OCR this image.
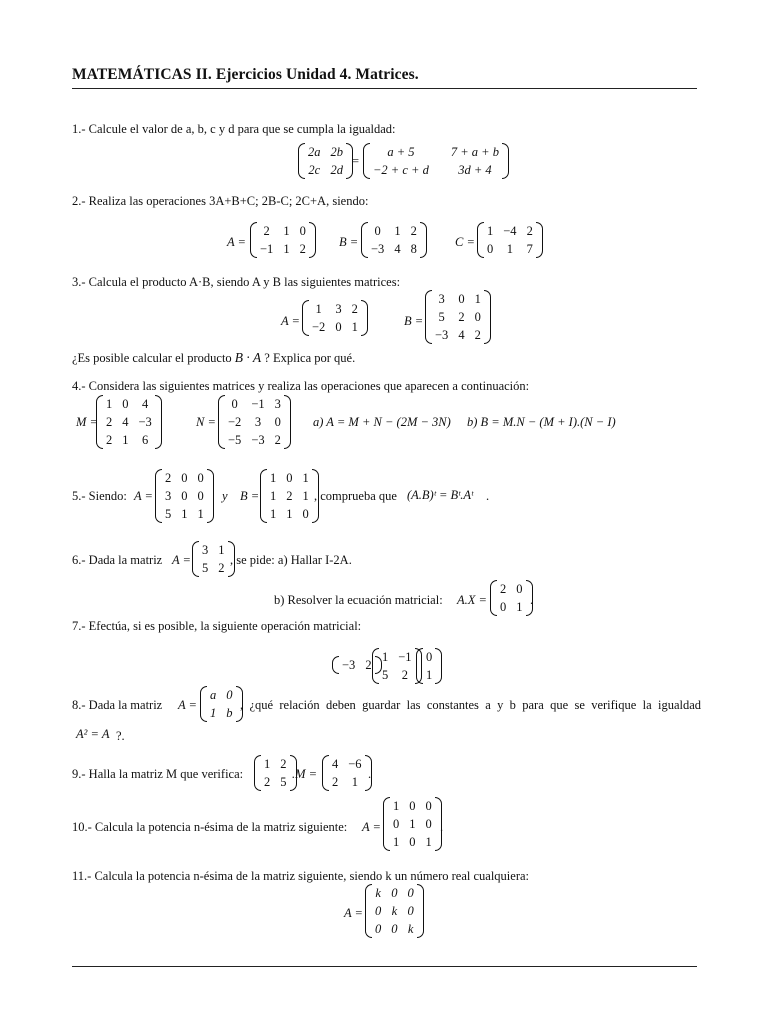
MATEMÁTICAS II. Ejercicios Unidad 4. Matrices.
1.- Calcule el valor de a, b, c y d para que se cumpla la igualdad:
2a 2b
2c 2d
=
a + 5	7 + a + b
−2 + c + d	3d + 4
2.- Realiza las operaciones 3A+B+C; 2B-C; 2C+A, siendo:
A =
2 1 0
−1 1 2	B =
0 1 2
−3 4 8	C =
1 −4 2
0 1 7
3.- Calcula el producto A·B, siendo A y B las siguientes matrices:
A =
1 3 2
−2 0 1	B =
3 0 1
5 2 0
−3 4 2
¿Es posible calcular el producto B · A ? Explica por qué.
4.- Considera las siguientes matrices y realiza las operaciones que aparecen a continuación:
M =
1 0 4
2 4 −3
2 1 6
N =
0 −1 3
−2 3 0
−5 −3 2
a) A = M + N − (2M − 3N) b) B = M.N − (M + I).(N − I)
5.- Siendo: A =
2 0 0
3 0 0
5 1 1
y B =
1 0 1
1 2 1
1 1 0
, comprueba que (A.B)ᵗ = Bᵗ.Aᵗ .
6.- Dada la matriz A =
3 1
5 2
, se pide: a) Hallar I-2A.
b) Resolver la ecuación matricial: A.X =
2 0
0 1 .
7.- Efectúa, si es posible, la siguiente operación matricial:
−3 2
1 −1
5 2
0
1
8.- Dada la matriz A =
a 0
1 b
, ¿qué relación deben guardar las constantes a y b para que se verifique la igualdad
A² = A ?.
9.- Halla la matriz M que verifica:
1 2
2 5
.M =
4 −6
2 1
.
10.- Calcula la potencia n-ésima de la matriz siguiente: A =
1 0 0
0 1 0
1 0 1
.
11.- Calcula la potencia n-ésima de la matriz siguiente, siendo k un número real cualquiera:
A =
k 0 0
0 k 0
0 0 k
